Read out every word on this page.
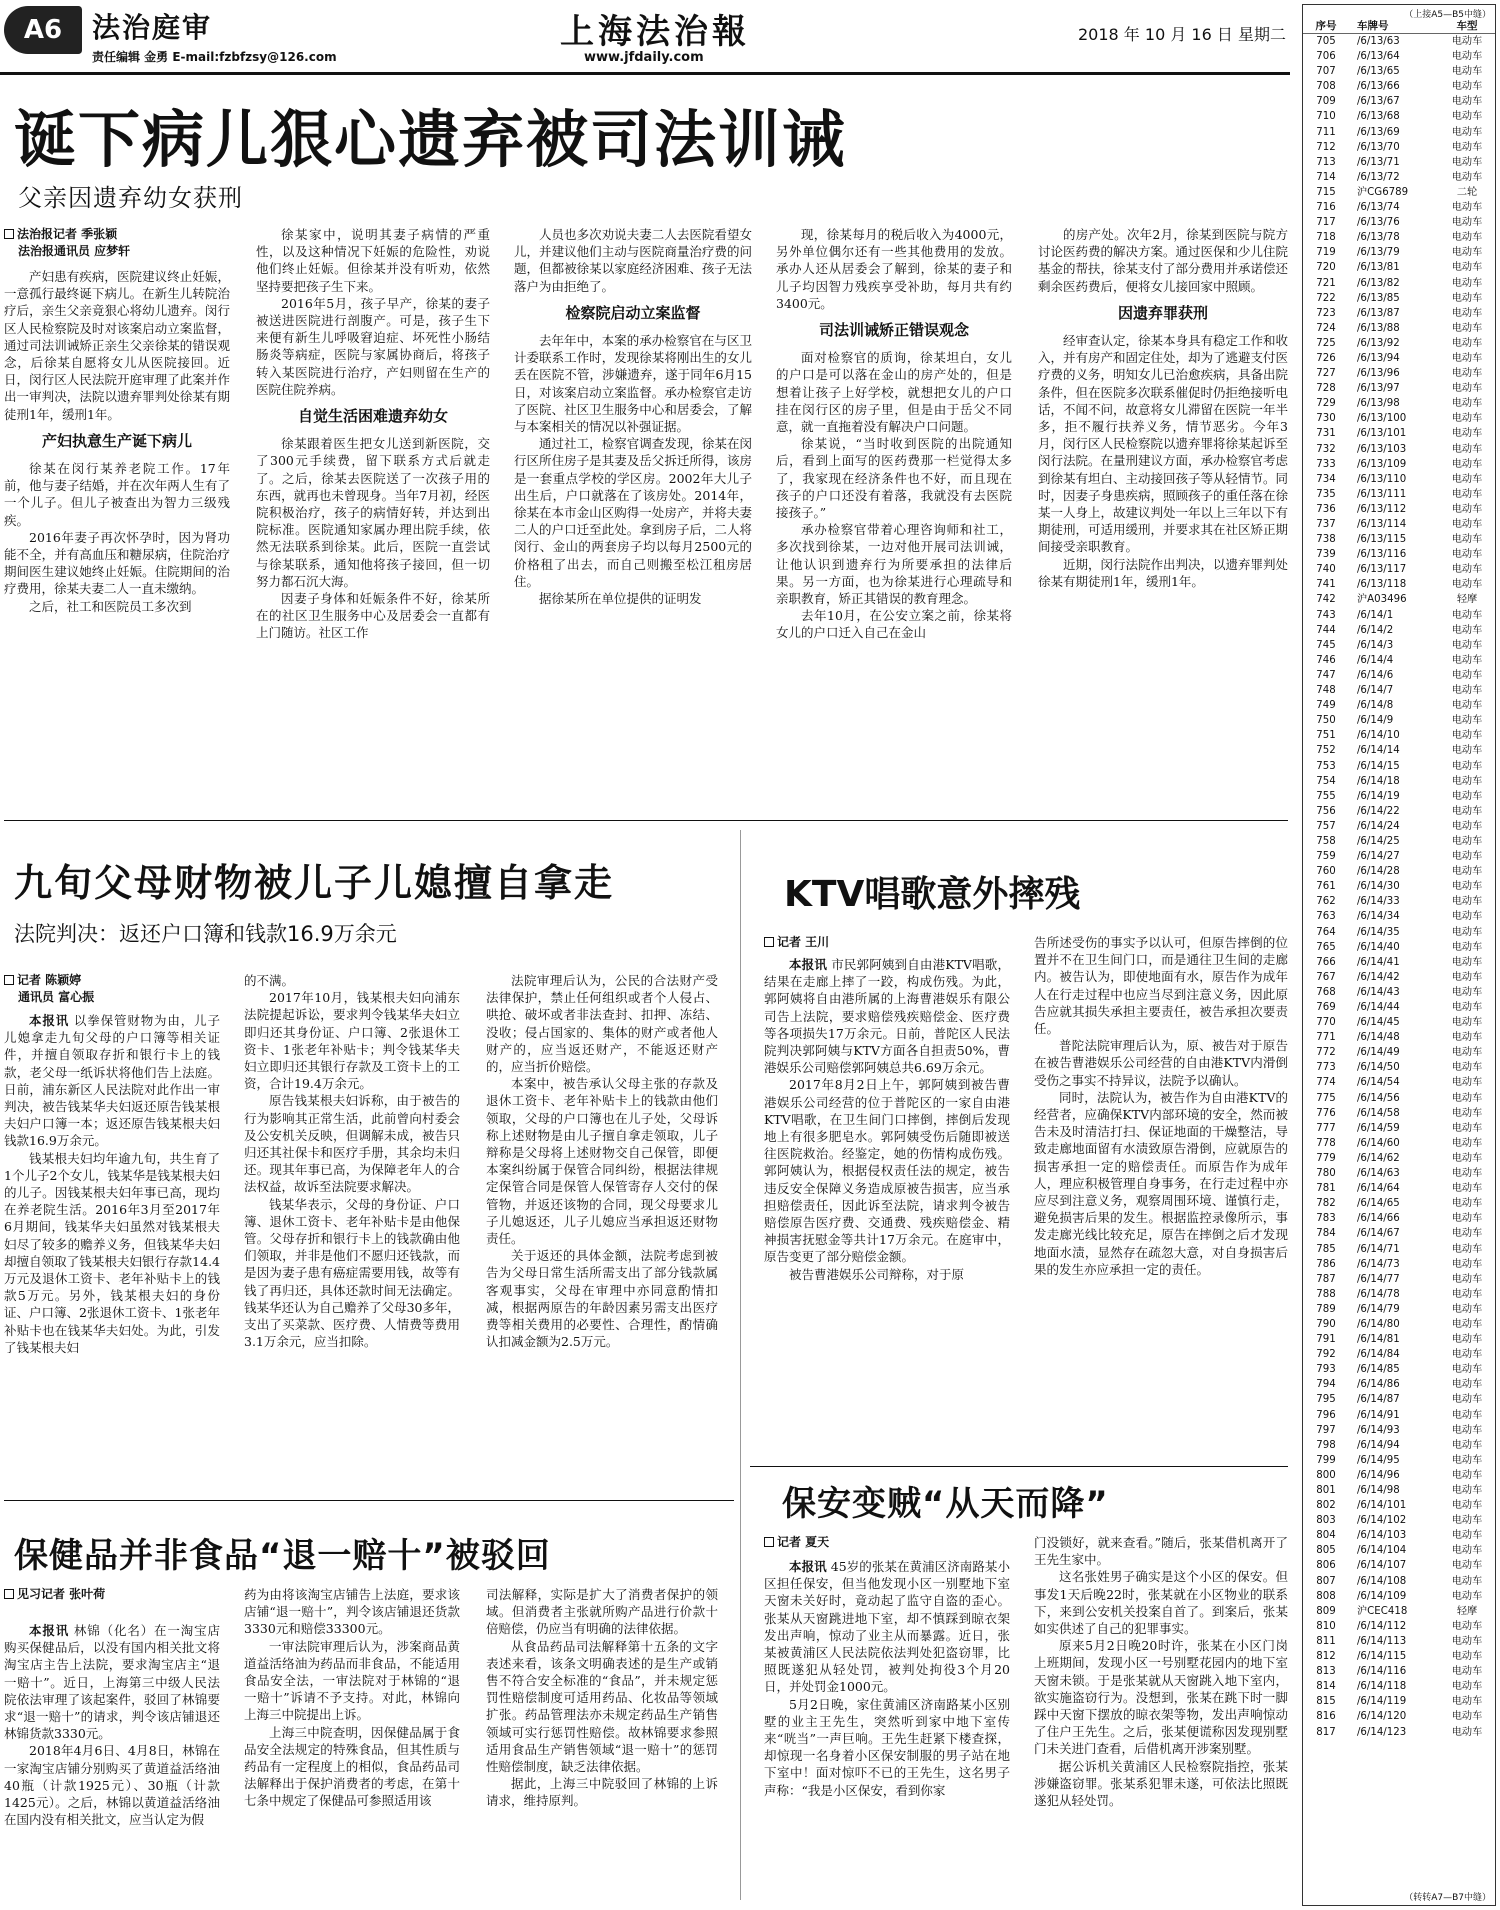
A6	法治庭审
责任编辑 金勇 E-mail:fzbfzsy@126.com
上海法治報
www.jfdaily.com
2018 年 10 月 16 日 星期二
（上接A5—B5中缝）
序号	车牌号	车型
705	/6/13/63	电动车
706	/6/13/64	电动车
707	/6/13/65	电动车
708	/6/13/66	电动车
709	/6/13/67	电动车
710	/6/13/68	电动车
711	/6/13/69	电动车
712	/6/13/70	电动车
713	/6/13/71	电动车
714	/6/13/72	电动车
715	沪CG6789	二轮
716	/6/13/74	电动车
717	/6/13/76	电动车
718	/6/13/78	电动车
719	/6/13/79	电动车
720	/6/13/81	电动车
721	/6/13/82	电动车
722	/6/13/85	电动车
723	/6/13/87	电动车
724	/6/13/88	电动车
725	/6/13/92	电动车
726	/6/13/94	电动车
727	/6/13/96	电动车
728	/6/13/97	电动车
729	/6/13/98	电动车
730	/6/13/100	电动车
731	/6/13/101	电动车
732	/6/13/103	电动车
733	/6/13/109	电动车
734	/6/13/110	电动车
735	/6/13/111	电动车
736	/6/13/112	电动车
737	/6/13/114	电动车
738	/6/13/115	电动车
739	/6/13/116	电动车
740	/6/13/117	电动车
741	/6/13/118	电动车
742	沪A03496	轻摩
743	/6/14/1	电动车
744	/6/14/2	电动车
745	/6/14/3	电动车
746	/6/14/4	电动车
747	/6/14/6	电动车
748	/6/14/7	电动车
749	/6/14/8	电动车
750	/6/14/9	电动车
751	/6/14/10	电动车
752	/6/14/14	电动车
753	/6/14/15	电动车
754	/6/14/18	电动车
755	/6/14/19	电动车
756	/6/14/22	电动车
757	/6/14/24	电动车
758	/6/14/25	电动车
759	/6/14/27	电动车
760	/6/14/28	电动车
761	/6/14/30	电动车
762	/6/14/33	电动车
763	/6/14/34	电动车
764	/6/14/35	电动车
765	/6/14/40	电动车
766	/6/14/41	电动车
767	/6/14/42	电动车
768	/6/14/43	电动车
769	/6/14/44	电动车
770	/6/14/45	电动车
771	/6/14/48	电动车
772	/6/14/49	电动车
773	/6/14/50	电动车
774	/6/14/54	电动车
775	/6/14/56	电动车
776	/6/14/58	电动车
777	/6/14/59	电动车
778	/6/14/60	电动车
779	/6/14/62	电动车
780	/6/14/63	电动车
781	/6/14/64	电动车
782	/6/14/65	电动车
783	/6/14/66	电动车
784	/6/14/67	电动车
785	/6/14/71	电动车
786	/6/14/73	电动车
787	/6/14/77	电动车
788	/6/14/78	电动车
789	/6/14/79	电动车
790	/6/14/80	电动车
791	/6/14/81	电动车
792	/6/14/84	电动车
793	/6/14/85	电动车
794	/6/14/86	电动车
795	/6/14/87	电动车
796	/6/14/91	电动车
797	/6/14/93	电动车
798	/6/14/94	电动车
799	/6/14/95	电动车
800	/6/14/96	电动车
801	/6/14/98	电动车
802	/6/14/101	电动车
803	/6/14/102	电动车
804	/6/14/103	电动车
805	/6/14/104	电动车
806	/6/14/107	电动车
807	/6/14/108	电动车
808	/6/14/109	电动车
809	沪CEC418	轻摩
810	/6/14/112	电动车
811	/6/14/113	电动车
812	/6/14/115	电动车
813	/6/14/116	电动车
814	/6/14/118	电动车
815	/6/14/119	电动车
816	/6/14/120	电动车
817	/6/14/123	电动车
（转转A7—B7中缝）
诞下病儿狠心遗弃被司法训诫
父亲因遗弃幼女获刑
法治报记者 季张颖
法治报通讯员 应梦轩

产妇患有疾病，医院建议终止妊娠，一意孤行最终诞下病儿。在新生儿转院治疗后，亲生父亲竟狠心将幼儿遗弃。闵行区人民检察院及时对该案启动立案监督，通过司法训诫矫正亲生父亲徐某的错误观念，后徐某自愿将女儿从医院接回。近日，闵行区人民法院开庭审理了此案并作出一审判决，法院以遗弃罪判处徐某有期徒刑1年，缓刑1年。

产妇执意生产诞下病儿

徐某在闵行某养老院工作。17年前，他与妻子结婚，并在次年两人生有了一个儿子。但儿子被查出为智力三级残疾。

2016年妻子再次怀孕时，因为肾功能不全，并有高血压和糖尿病，住院治疗期间医生建议她终止妊娠。住院期间的治疗费用，徐某夫妻二人一直未缴纳。

之后，社工和医院员工多次到

徐某家中，说明其妻子病情的严重性，以及这种情况下妊娠的危险性，劝说他们终止妊娠。但徐某并没有听劝，依然坚持要把孩子生下来。

2016年5月，孩子早产，徐某的妻子被送进医院进行剖腹产。可是，孩子生下来便有新生儿呼吸窘迫症、坏死性小肠结肠炎等病症，医院与家属协商后，将孩子转入某医院进行治疗，产妇则留在生产的医院住院养病。

自觉生活困难遗弃幼女

徐某跟着医生把女儿送到新医院，交了300元手续费，留下联系方式后就走了。之后，徐某去医院送了一次孩子用的东西，就再也未曾现身。当年7月初，经医院积极治疗，孩子的病情好转，并达到出院标准。医院通知家属办理出院手续，依然无法联系到徐某。此后，医院一直尝试与徐某联系，通知他将孩子接回，但一切努力都石沉大海。

因妻子身体和妊娠条件不好，徐某所在的社区卫生服务中心及居委会一直都有上门随访。社区工作

人员也多次劝说夫妻二人去医院看望女儿，并建议他们主动与医院商量治疗费的问题，但都被徐某以家庭经济困难、孩子无法落户为由拒绝了。

检察院启动立案监督

去年年中，本案的承办检察官在与区卫计委联系工作时，发现徐某将刚出生的女儿丢在医院不管，涉嫌遗弃，遂于同年6月15日，对该案启动立案监督。承办检察官走访了医院、社区卫生服务中心和居委会，了解与本案相关的情况以补强证据。

通过社工，检察官调查发现，徐某在闵行区所住房子是其妻及岳父拆迁所得，该房是一套重点学校的学区房。2002年大儿子出生后，户口就落在了该房处。2014年，徐某在本市金山区购得一处房产，并将夫妻二人的户口迁至此处。拿到房子后，二人将闵行、金山的两套房子均以每月2500元的价格租了出去，而自己则搬至松江租房居住。

据徐某所在单位提供的证明发

现，徐某每月的税后收入为4000元，另外单位偶尔还有一些其他费用的发放。承办人还从居委会了解到，徐某的妻子和儿子均因智力残疾享受补助，每月共有约3400元。

司法训诫矫正错误观念

面对检察官的质询，徐某坦白，女儿的户口是可以落在金山的房产处的，但是想着让孩子上好学校，就想把女儿的户口挂在闵行区的房子里，但是由于岳父不同意，就一直拖着没有解决户口问题。

徐某说，“当时收到医院的出院通知后，看到上面写的医药费那一栏觉得太多了，我家现在经济条件也不好，而且现在孩子的户口还没有着落，我就没有去医院接孩子。”

承办检察官带着心理咨询师和社工，多次找到徐某，一边对他开展司法训诫，让他认识到遗弃行为所要承担的法律后果。另一方面，也为徐某进行心理疏导和亲职教育，矫正其错误的教育理念。

去年10月，在公安立案之前，徐某将女儿的户口迁入自己在金山

的房产处。次年2月，徐某到医院与院方讨论医药费的解决方案。通过医保和少儿住院基金的帮扶，徐某支付了部分费用并承诺偿还剩余医药费后，便将女儿接回家中照顾。

因遗弃罪获刑

经审查认定，徐某本身具有稳定工作和收入，并有房产和固定住处，却为了逃避支付医疗费的义务，明知女儿已治愈疾病，具备出院条件，但在医院多次联系催促时仍拒绝接听电话，不闻不问，故意将女儿滞留在医院一年半多，拒不履行扶养义务，情节恶劣。今年3月，闵行区人民检察院以遗弃罪将徐某起诉至闵行法院。在量刑建议方面，承办检察官考虑到徐某有坦白、主动接回孩子等从轻情节。同时，因妻子身患疾病，照顾孩子的重任落在徐某一人身上，故建议判处一年以上三年以下有期徒刑，可适用缓刑，并要求其在社区矫正期间接受亲职教育。

近期，闵行法院作出判决，以遗弃罪判处徐某有期徒刑1年，缓刑1年。

九旬父母财物被儿子儿媳擅自拿走
法院判决：返还户口簿和钱款16.9万余元
记者 陈颖婷
通讯员 富心振

本报讯 以拳保管财物为由，儿子儿媳拿走九旬父母的户口簿等相关证件，并擅自领取存折和银行卡上的钱款，老父母一纸诉状将他们告上法庭。日前，浦东新区人民法院对此作出一审判决，被告钱某华夫妇返还原告钱某根夫妇户口簿一本；返还原告钱某根夫妇钱款16.9万余元。

钱某根夫妇均年逾九旬，共生育了1个儿子2个女儿，钱某华是钱某根夫妇的儿子。因钱某根夫妇年事已高，现均在养老院生活。2016年3月至2017年6月期间，钱某华夫妇虽然对钱某根夫妇尽了较多的赡养义务，但钱某华夫妇却擅自领取了钱某根夫妇银行存款14.4万元及退休工资卡、老年补贴卡上的钱款5万元。另外，钱某根夫妇的身份证、户口簿、2张退休工资卡、1张老年补贴卡也在钱某华夫妇处。为此，引发了钱某根夫妇

的不满。

2017年10月，钱某根夫妇向浦东法院提起诉讼，要求判令钱某华夫妇立即归还其身份证、户口簿、2张退休工资卡、1张老年补贴卡；判令钱某华夫妇立即归还其银行存款及工资卡上的工资，合计19.4万余元。

原告钱某根夫妇诉称，由于被告的行为影响其正常生活，此前曾向村委会及公安机关反映，但调解未成，被告只归还其社保卡和医疗手册，其余均未归还。现其年事已高，为保障老年人的合法权益，故诉至法院要求解决。

钱某华表示，父母的身份证、户口簿、退休工资卡、老年补贴卡是由他保管。父母存折和银行卡上的钱款确由他们领取，并非是他们不愿归还钱款，而是因为妻子患有癌症需要用钱，故等有钱了再归还，具体还款时间无法确定。钱某华还认为自己赡养了父母30多年，支出了买菜款、医疗费、人情费等费用3.1万余元，应当扣除。

法院审理后认为，公民的合法财产受法律保护，禁止任何组织或者个人侵占、哄抢、破坏或者非法查封、扣押、冻结、没收；侵占国家的、集体的财产或者他人财产的，应当返还财产，不能返还财产的，应当折价赔偿。

本案中，被告承认父母主张的存款及退休工资卡、老年补贴卡上的钱款由他们领取，父母的户口簿也在儿子处，父母诉称上述财物是由儿子擅自拿走领取，儿子辩称是父母将上述财物交自己保管，即便本案纠纷属于保管合同纠纷，根据法律规定保管合同是保管人保管寄存人交付的保管物，并返还该物的合同，现父母要求儿子儿媳返还，儿子儿媳应当承担返还财物责任。

关于返还的具体金额，法院考虑到被告为父母日常生活所需支出了部分钱款属客观事实，父母在审理中亦同意酌情扣减，根据两原告的年龄因素另需支出医疗费等相关费用的必要性、合理性，酌情确认扣减金额为2.5万元。

KTV唱歌意外摔残
记者 王川

本报讯 市民郭阿姨到自由港KTV唱歌，结果在走廊上摔了一跤，构成伤残。为此，郭阿姨将自由港所属的上海曹港娱乐有限公司告上法院，要求赔偿残疾赔偿金、医疗费等各项损失17万余元。日前，普陀区人民法院判决郭阿姨与KTV方面各自担责50%，曹港娱乐公司赔偿郭阿姨总共6.69万余元。

2017年8月2日上午，郭阿姨到被告曹港娱乐公司经营的位于普陀区的一家自由港KTV唱歌，在卫生间门口摔倒，摔倒后发现地上有很多肥皂水。郭阿姨受伤后随即被送往医院救治。经鉴定，她的伤情构成伤残。郭阿姨认为，根据侵权责任法的规定，被告违反安全保障义务造成原被告损害，应当承担赔偿责任，因此诉至法院，请求判令被告赔偿原告医疗费、交通费、残疾赔偿金、精神损害抚慰金等共计17万余元。在庭审中，原告变更了部分赔偿金额。

被告曹港娱乐公司辩称，对于原

告所述受伤的事实予以认可，但原告摔倒的位置并不在卫生间门口，而是通往卫生间的走廊内。被告认为，即使地面有水，原告作为成年人在行走过程中也应当尽到注意义务，因此原告应就其损失承担主要责任，被告承担次要责任。

普陀法院审理后认为，原、被告对于原告在被告曹港娱乐公司经营的自由港KTV内滑倒受伤之事实不持异议，法院予以确认。

同时，法院认为，被告作为自由港KTV的经营者，应确保KTV内部环境的安全，然而被告未及时清洁打扫、保证地面的干燥整洁，导致走廊地面留有水渍致原告滑倒，应就原告的损害承担一定的赔偿责任。而原告作为成年人，理应积极管理自身事务，在行走过程中亦应尽到注意义务，观察周围环境、谨慎行走，避免损害后果的发生。根据监控录像所示，事发走廊光线比较充足，原告在摔倒之后才发现地面水渍，显然存在疏忽大意，对自身损害后果的发生亦应承担一定的责任。

保健品并非食品“退一赔十”被驳回
见习记者 张叶荷

本报讯 林锦（化名）在一淘宝店购买保健品后，以没有国内相关批文将淘宝店主告上法院，要求淘宝店主“退一赔十”。近日，上海第三中级人民法院依法审理了该起案件，驳回了林锦要求“退一赔十”的请求，判令该店铺退还林锦货款3330元。

2018年4月6日、4月8日，林锦在一家淘宝店铺分别购买了黄道益活络油40瓶（计款1925元）、30瓶（计款1425元）。之后，林锦以黄道益活络油在国内没有相关批文，应当认定为假

药为由将该淘宝店铺告上法庭，要求该店铺“退一赔十”，判令该店铺退还货款3330元和赔偿33300元。

一审法院审理后认为，涉案商品黄道益活络油为药品而非食品，不能适用食品安全法，一审法院对于林锦的“退一赔十”诉请不予支持。对此，林锦向上海三中院提出上诉。

上海三中院查明，因保健品属于食品安全法规定的特殊食品，但其性质与药品有一定程度上的相似，食品药品司法解释出于保护消费者的考虑，在第十七条中规定了保健品可参照适用该

司法解释，实际是扩大了消费者保护的领域。但消费者主张就所购产品进行价款十倍赔偿，仍应当有明确的法律依据。

从食品药品司法解释第十五条的文字表述来看，该条文明确表述的是生产或销售不符合安全标准的“食品”，并未规定惩罚性赔偿制度可适用药品、化妆品等领域扩张。药品管理法亦未规定药品生产销售领域可实行惩罚性赔偿。故林锦要求参照适用食品生产销售领域“退一赔十”的惩罚性赔偿制度，缺乏法律依据。

据此，上海三中院驳回了林锦的上诉请求，维持原判。

保安变贼“从天而降”
记者 夏天

本报讯 45岁的张某在黄浦区济南路某小区担任保安，但当他发现小区一别墅地下室天窗未关好时，竟动起了监守自盗的歪心。张某从天窗跳进地下室，却不慎踩到晾衣架发出声响，惊动了业主从而暴露。近日，张某被黄浦区人民法院依法判处犯盗窃罪，比照既遂犯从轻处罚，被判处拘役3个月20日，并处罚金1000元。

5月2日晚，家住黄浦区济南路某小区别墅的业主王先生，突然听到家中地下室传来“咣当”一声巨响。王先生赶紧下楼查探，却惊现一名身着小区保安制服的男子站在地下室中！面对惊吓不已的王先生，这名男子声称：“我是小区保安，看到你家

门没锁好，就来查看。”随后，张某借机离开了王先生家中。

这名张姓男子确实是这个小区的保安。但事发1天后晚22时，张某就在小区物业的联系下，来到公安机关投案自首了。到案后，张某如实供述了自己的犯罪事实。

原来5月2日晚20时许，张某在小区门岗上班期间，发现小区一号别墅花园内的地下室天窗未锁。于是张某就从天窗跳入地下室内，欲实施盗窃行为。没想到，张某在跳下时一脚踩中天窗下摆放的晾衣架等物，发出声响惊动了住户王先生。之后，张某便谎称因发现别墅门未关进门查看，后借机离开涉案别墅。

据公诉机关黄浦区人民检察院指控，张某涉嫌盗窃罪。张某系犯罪未遂，可依法比照既遂犯从轻处罚。
